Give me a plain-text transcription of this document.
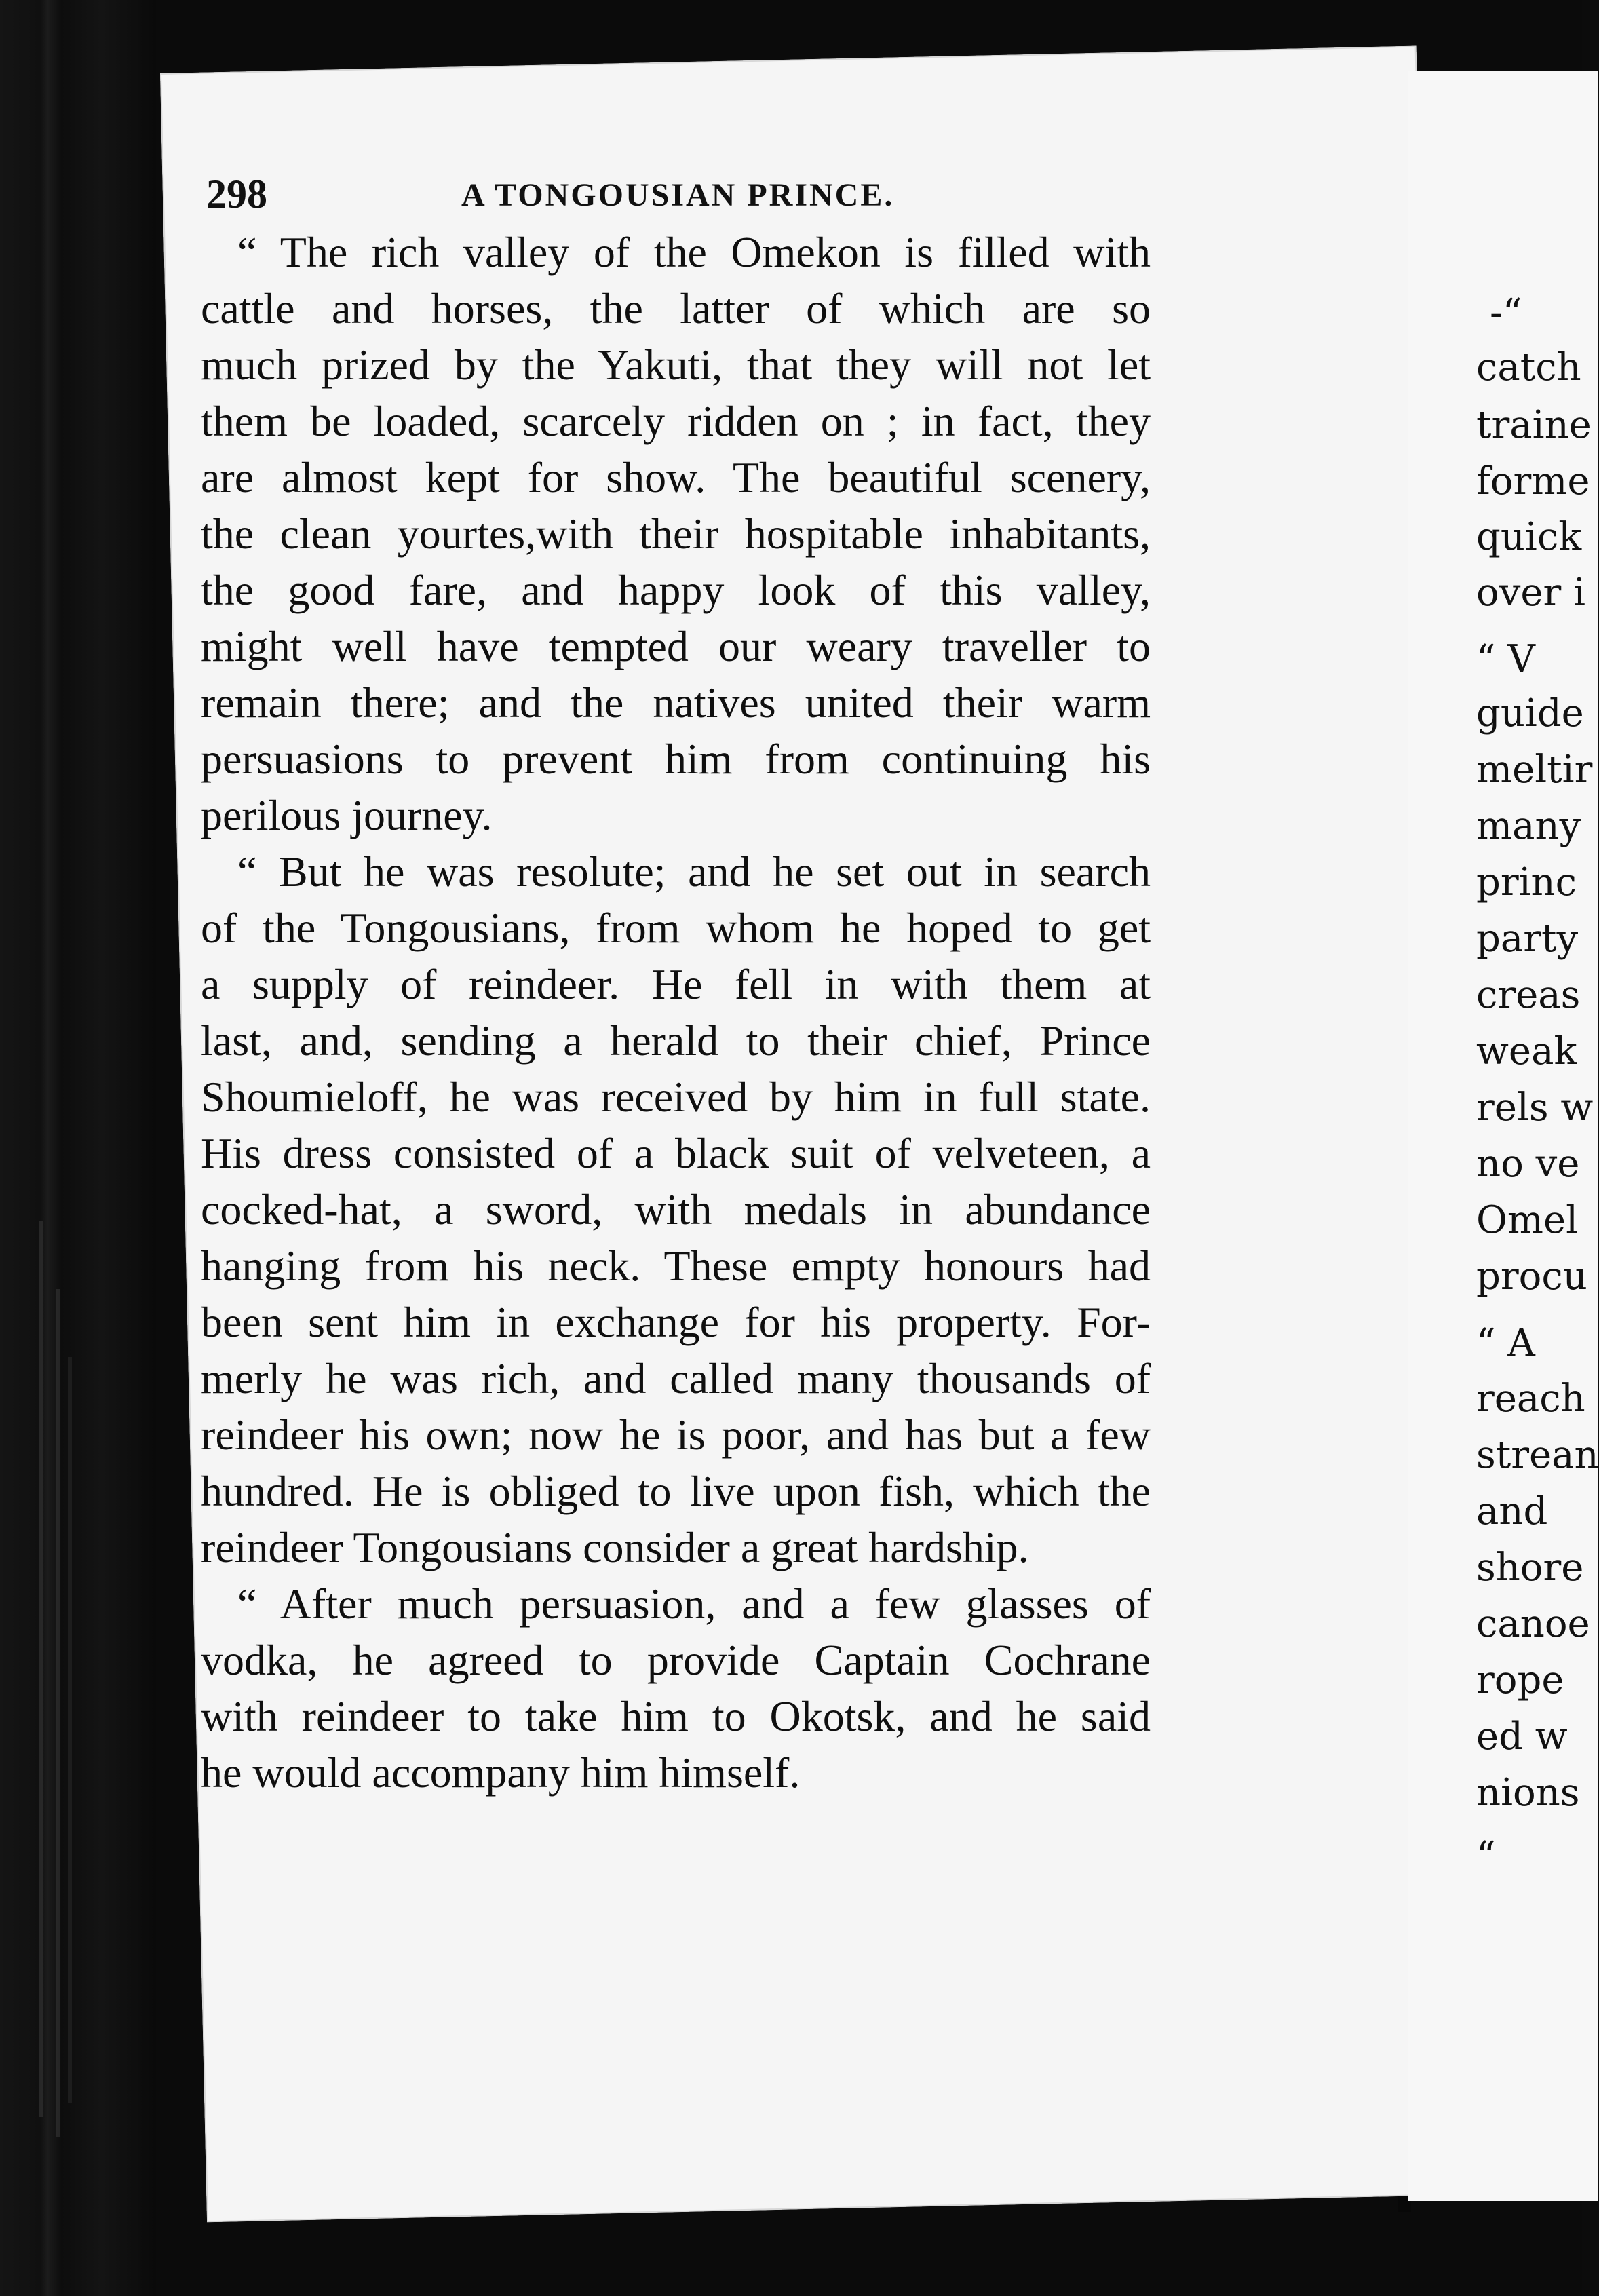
-“
catch
traine
forme
quick
over i
“ V
guide
meltir
many
princ
party
creas
weak
rels w
no ve
Omel
procu
“ A
reach
strean
and
shore
canoe
rope
ed w
nions
“
298	A TONGOUSIAN PRINCE.
“ The rich valley of the Omekon is filled with
cattle and horses, the latter of which are so
much prized by the Yakuti, that they will not let
them be loaded, scarcely ridden on ; in fact, they
are almost kept for show. The beautiful scenery,
the clean yourtes,with their hospitable inhabitants,
the good fare, and happy look of this valley,
might well have tempted our weary traveller to
remain there; and the natives united their warm
persuasions to prevent him from continuing his
perilous journey.
“ But he was resolute; and he set out in search
of the Tongousians, from whom he hoped to get
a supply of reindeer. He fell in with them at
last, and, sending a herald to their chief, Prince
Shoumieloff, he was received by him in full state.
His dress consisted of a black suit of velveteen, a
cocked-hat, a sword, with medals in abundance
hanging from his neck. These empty honours had
been sent him in exchange for his property. For-
merly he was rich, and called many thousands of
reindeer his own; now he is poor, and has but a few
hundred. He is obliged to live upon fish, which the
reindeer Tongousians consider a great hardship.
“ After much persuasion, and a few glasses of
vodka, he agreed to provide Captain Cochrane
with reindeer to take him to Okotsk, and he said
he would accompany him himself.
